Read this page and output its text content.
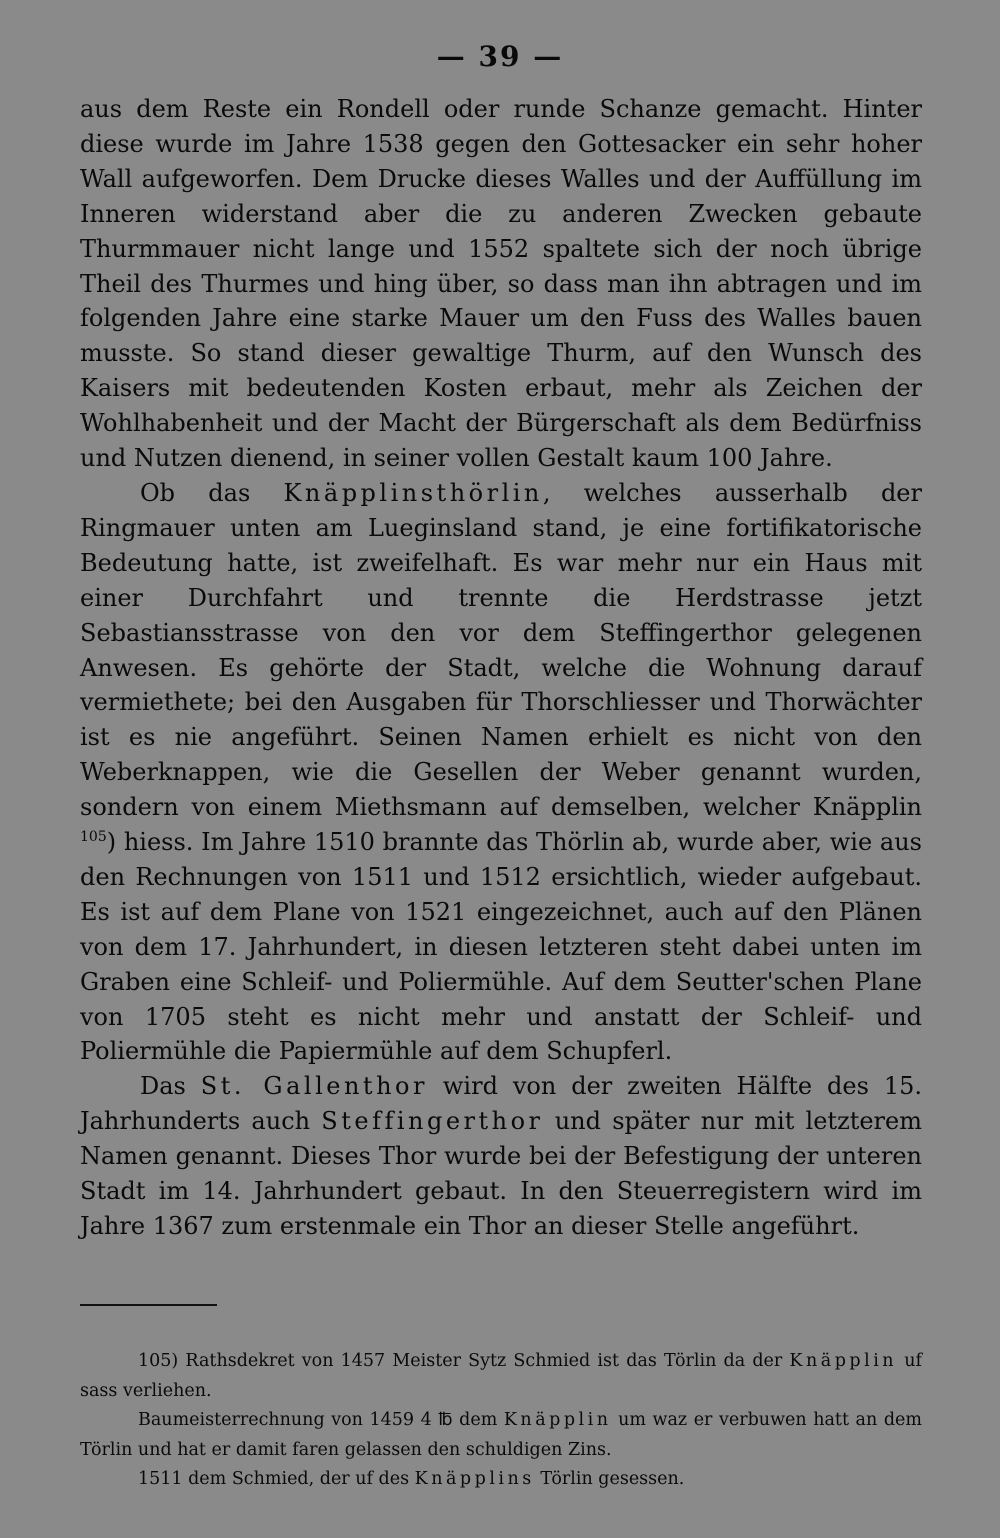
— 39 —

aus dem Reste ein Rondell oder runde Schanze gemacht. Hinter diese wurde im Jahre 1538 gegen den Gottesacker ein sehr hoher Wall aufgeworfen. Dem Drucke dieses Walles und der Auffüllung im Inneren widerstand aber die zu anderen Zwecken gebaute Thurmmauer nicht lange und 1552 spaltete sich der noch übrige Theil des Thurmes und hing über, so dass man ihn abtragen und im folgenden Jahre eine starke Mauer um den Fuss des Walles bauen musste. So stand dieser gewaltige Thurm, auf den Wunsch des Kaisers mit bedeutenden Kosten erbaut, mehr als Zeichen der Wohlhabenheit und der Macht der Bürgerschaft als dem Bedürfniss und Nutzen dienend, in seiner vollen Gestalt kaum 100 Jahre.

Ob das Knäpplinsthörlin, welches ausserhalb der Ringmauer unten am Lueginsland stand, je eine fortifikatorische Bedeutung hatte, ist zweifelhaft. Es war mehr nur ein Haus mit einer Durchfahrt und trennte die Herdstrasse jetzt Sebastiansstrasse von den vor dem Steffingerthor gelegenen Anwesen. Es gehörte der Stadt, welche die Wohnung darauf vermiethete; bei den Ausgaben für Thorschliesser und Thorwächter ist es nie angeführt. Seinen Namen erhielt es nicht von den Weberknappen, wie die Gesellen der Weber genannt wurden, sondern von einem Miethsmann auf demselben, welcher Knäpplin $^{105}$) hiess. Im Jahre 1510 brannte das Thörlin ab, wurde aber, wie aus den Rechnungen von 1511 und 1512 ersichtlich, wieder aufgebaut. Es ist auf dem Plane von 1521 eingezeichnet, auch auf den Plänen von dem 17. Jahrhundert, in diesen letzteren steht dabei unten im Graben eine Schleif- und Poliermühle. Auf dem Seutter'schen Plane von 1705 steht es nicht mehr und anstatt der Schleif- und Poliermühle die Papiermühle auf dem Schupferl.

Das St. Gallenthor wird von der zweiten Hälfte des 15. Jahrhunderts auch Steffingerthor und später nur mit letzterem Namen genannt. Dieses Thor wurde bei der Befestigung der unteren Stadt im 14. Jahrhundert gebaut. In den Steuerregistern wird im Jahre 1367 zum erstenmale ein Thor an dieser Stelle angeführt.

105) Rathsdekret von 1457 Meister Sytz Schmied ist das Törlin da der Knäpplin uf sass verliehen.

Baumeisterrechnung von 1459 4 ℔ dem Knäpplin um waz er verbuwen hatt an dem Törlin und hat er damit faren gelassen den schuldigen Zins.

1511 dem Schmied, der uf des Knäpplins Törlin gesessen.
